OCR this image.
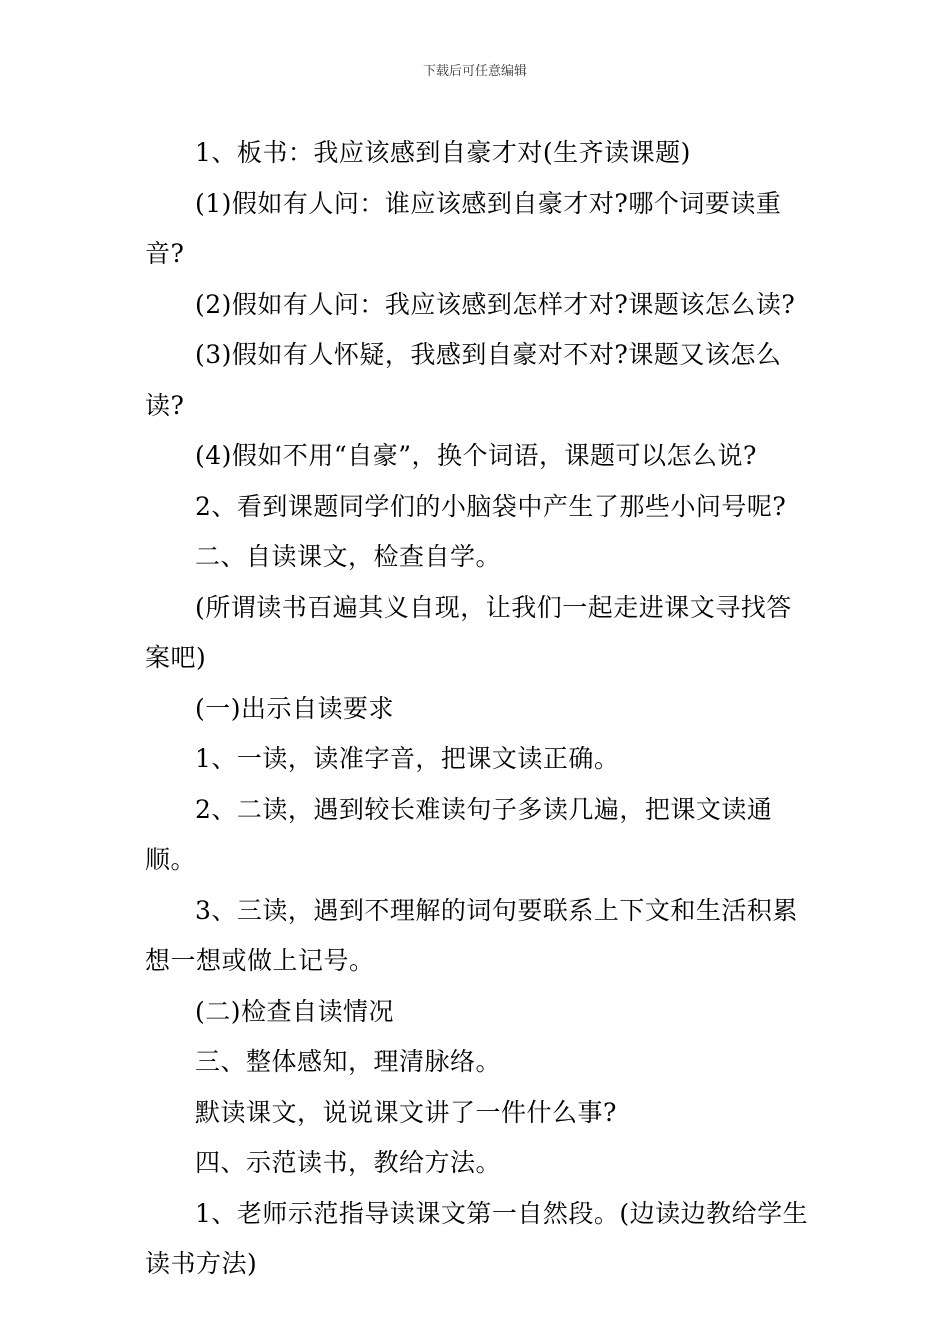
下载后可任意编辑

1、板书：我应该感到自豪才对(生齐读课题)

(1)假如有人问：谁应该感到自豪才对?哪个词要读重音?

(2)假如有人问：我应该感到怎样才对?课题该怎么读?

(3)假如有人怀疑，我感到自豪对不对?课题又该怎么读?

(4)假如不用“自豪”，换个词语，课题可以怎么说?

2、看到课题同学们的小脑袋中产生了那些小问号呢?

二、自读课文，检查自学。

(所谓读书百遍其义自现，让我们一起走进课文寻找答案吧)

(一)出示自读要求

1、一读，读准字音，把课文读正确。

2、二读，遇到较长难读句子多读几遍，把课文读通顺。

3、三读，遇到不理解的词句要联系上下文和生活积累想一想或做上记号。

(二)检查自读情况

三、整体感知，理清脉络。

默读课文，说说课文讲了一件什么事?

四、示范读书，教给方法。

1、老师示范指导读课文第一自然段。(边读边教给学生读书方法)
